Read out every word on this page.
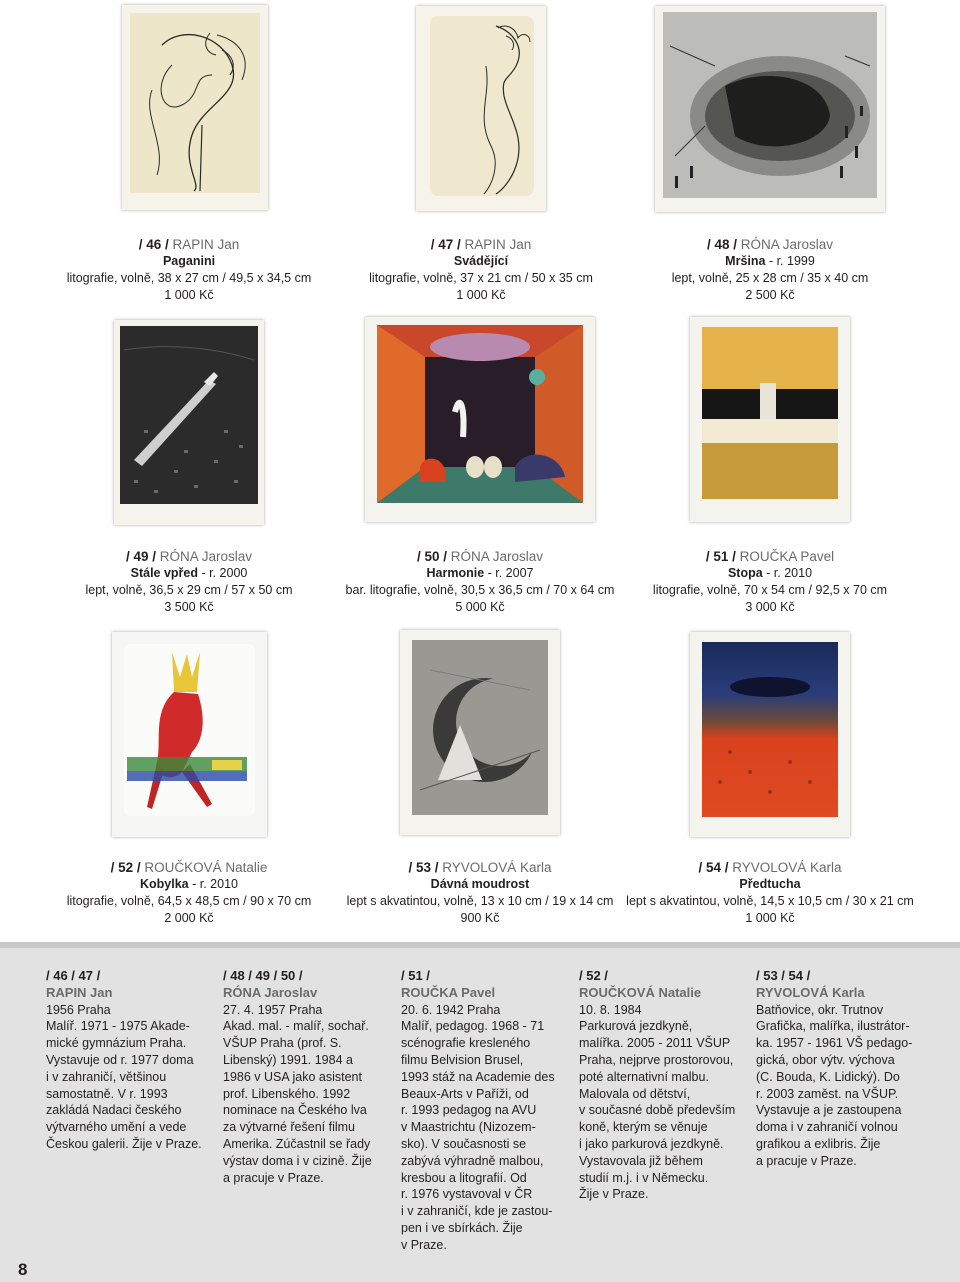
/ 46 / RAPIN Jan
Paganini
litografie, volně, 38 x 27 cm / 49,5 x 34,5 cm
1 000 Kč
/ 47 / RAPIN Jan
Svádějící
litografie, volně, 37 x 21 cm / 50 x 35 cm
1 000 Kč
/ 48 / RÓNA Jaroslav
Mršina - r. 1999
lept, volně, 25 x 28 cm / 35 x 40 cm
2 500 Kč
/ 49 / RÓNA Jaroslav
Stále vpřed - r. 2000
lept, volně, 36,5 x 29 cm / 57 x 50 cm
3 500 Kč
/ 50 / RÓNA Jaroslav
Harmonie - r. 2007
bar. litografie, volně, 30,5 x 36,5 cm / 70 x 64 cm
5 000 Kč
/ 51 / ROUČKA Pavel
Stopa - r. 2010
litografie, volně, 70 x 54 cm / 92,5 x 70 cm
3 000 Kč
/ 52 / ROUČKOVÁ Natalie
Kobylka - r. 2010
litografie, volně, 64,5 x 48,5 cm / 90 x 70 cm
2 000 Kč
/ 53 / RYVOLOVÁ Karla
Dávná moudrost
lept s akvatintou, volně, 13 x 10 cm / 19 x 14 cm
900 Kč
/ 54 / RYVOLOVÁ Karla
Předtucha
lept s akvatintou, volně, 14,5 x 10,5 cm / 30 x 21 cm
1 000 Kč
/ 46 / 47 /
RAPIN Jan

1956 Praha
Malíř. 1971 - 1975 Akade-
mické gymnázium Praha.
Vystavuje od r. 1977 doma
i v zahraničí, většinou
samostatně. V r. 1993
zakládá Nadaci českého
výtvarného umění a vede
Českou galerii. Žije v Praze.

/ 48 / 49 / 50 /
RÓNA Jaroslav

27. 4. 1957 Praha
Akad. mal. - malíř, sochař.
VŠUP Praha (prof. S.
Libenský) 1991. 1984 a
1986 v USA jako asistent
prof. Libenského. 1992
nominace na Českého lva
za výtvarné řešení filmu
Amerika. Zúčastnil se řady
výstav doma i v cizině. Žije
a pracuje v Praze.

/ 51 /
ROUČKA Pavel

20. 6. 1942 Praha
Malíř, pedagog. 1968 - 71
scénografie kresleného
filmu Belvision Brusel,
1993 stáž na Academie des
Beaux-Arts v Paříži, od
r. 1993 pedagog na AVU
v Maastrichtu (Nizozem-
sko). V současnosti se
zabývá výhradně malbou,
kresbou a litografií. Od
r. 1976 vystavoval v ČR
i v zahraničí, kde je zastou-
pen i ve sbírkách. Žije
v Praze.

/ 52 /
ROUČKOVÁ Natalie

10. 8. 1984
Parkurová jezdkyně,
malířka. 2005 - 2011 VŠUP
Praha, nejprve prostorovou,
poté alternativní malbu.
Malovala od dětství,
v současné době především
koně, kterým se věnuje
i jako parkurová jezdkyně.
Vystavovala již během
studií m.j. i v Německu.
Žije v Praze.

/ 53 / 54 /
RYVOLOVÁ Karla

Batňovice, okr. Trutnov
Grafička, malířka, ilustrátor-
ka. 1957 - 1961 VŠ pedago-
gická, obor výtv. výchova
(C. Bouda, K. Lidický). Do
r. 2003 zaměst. na VŠUP.
Vystavuje a je zastoupena
doma i v zahraničí volnou
grafikou a exlibris. Žije
a pracuje v Praze.

8
